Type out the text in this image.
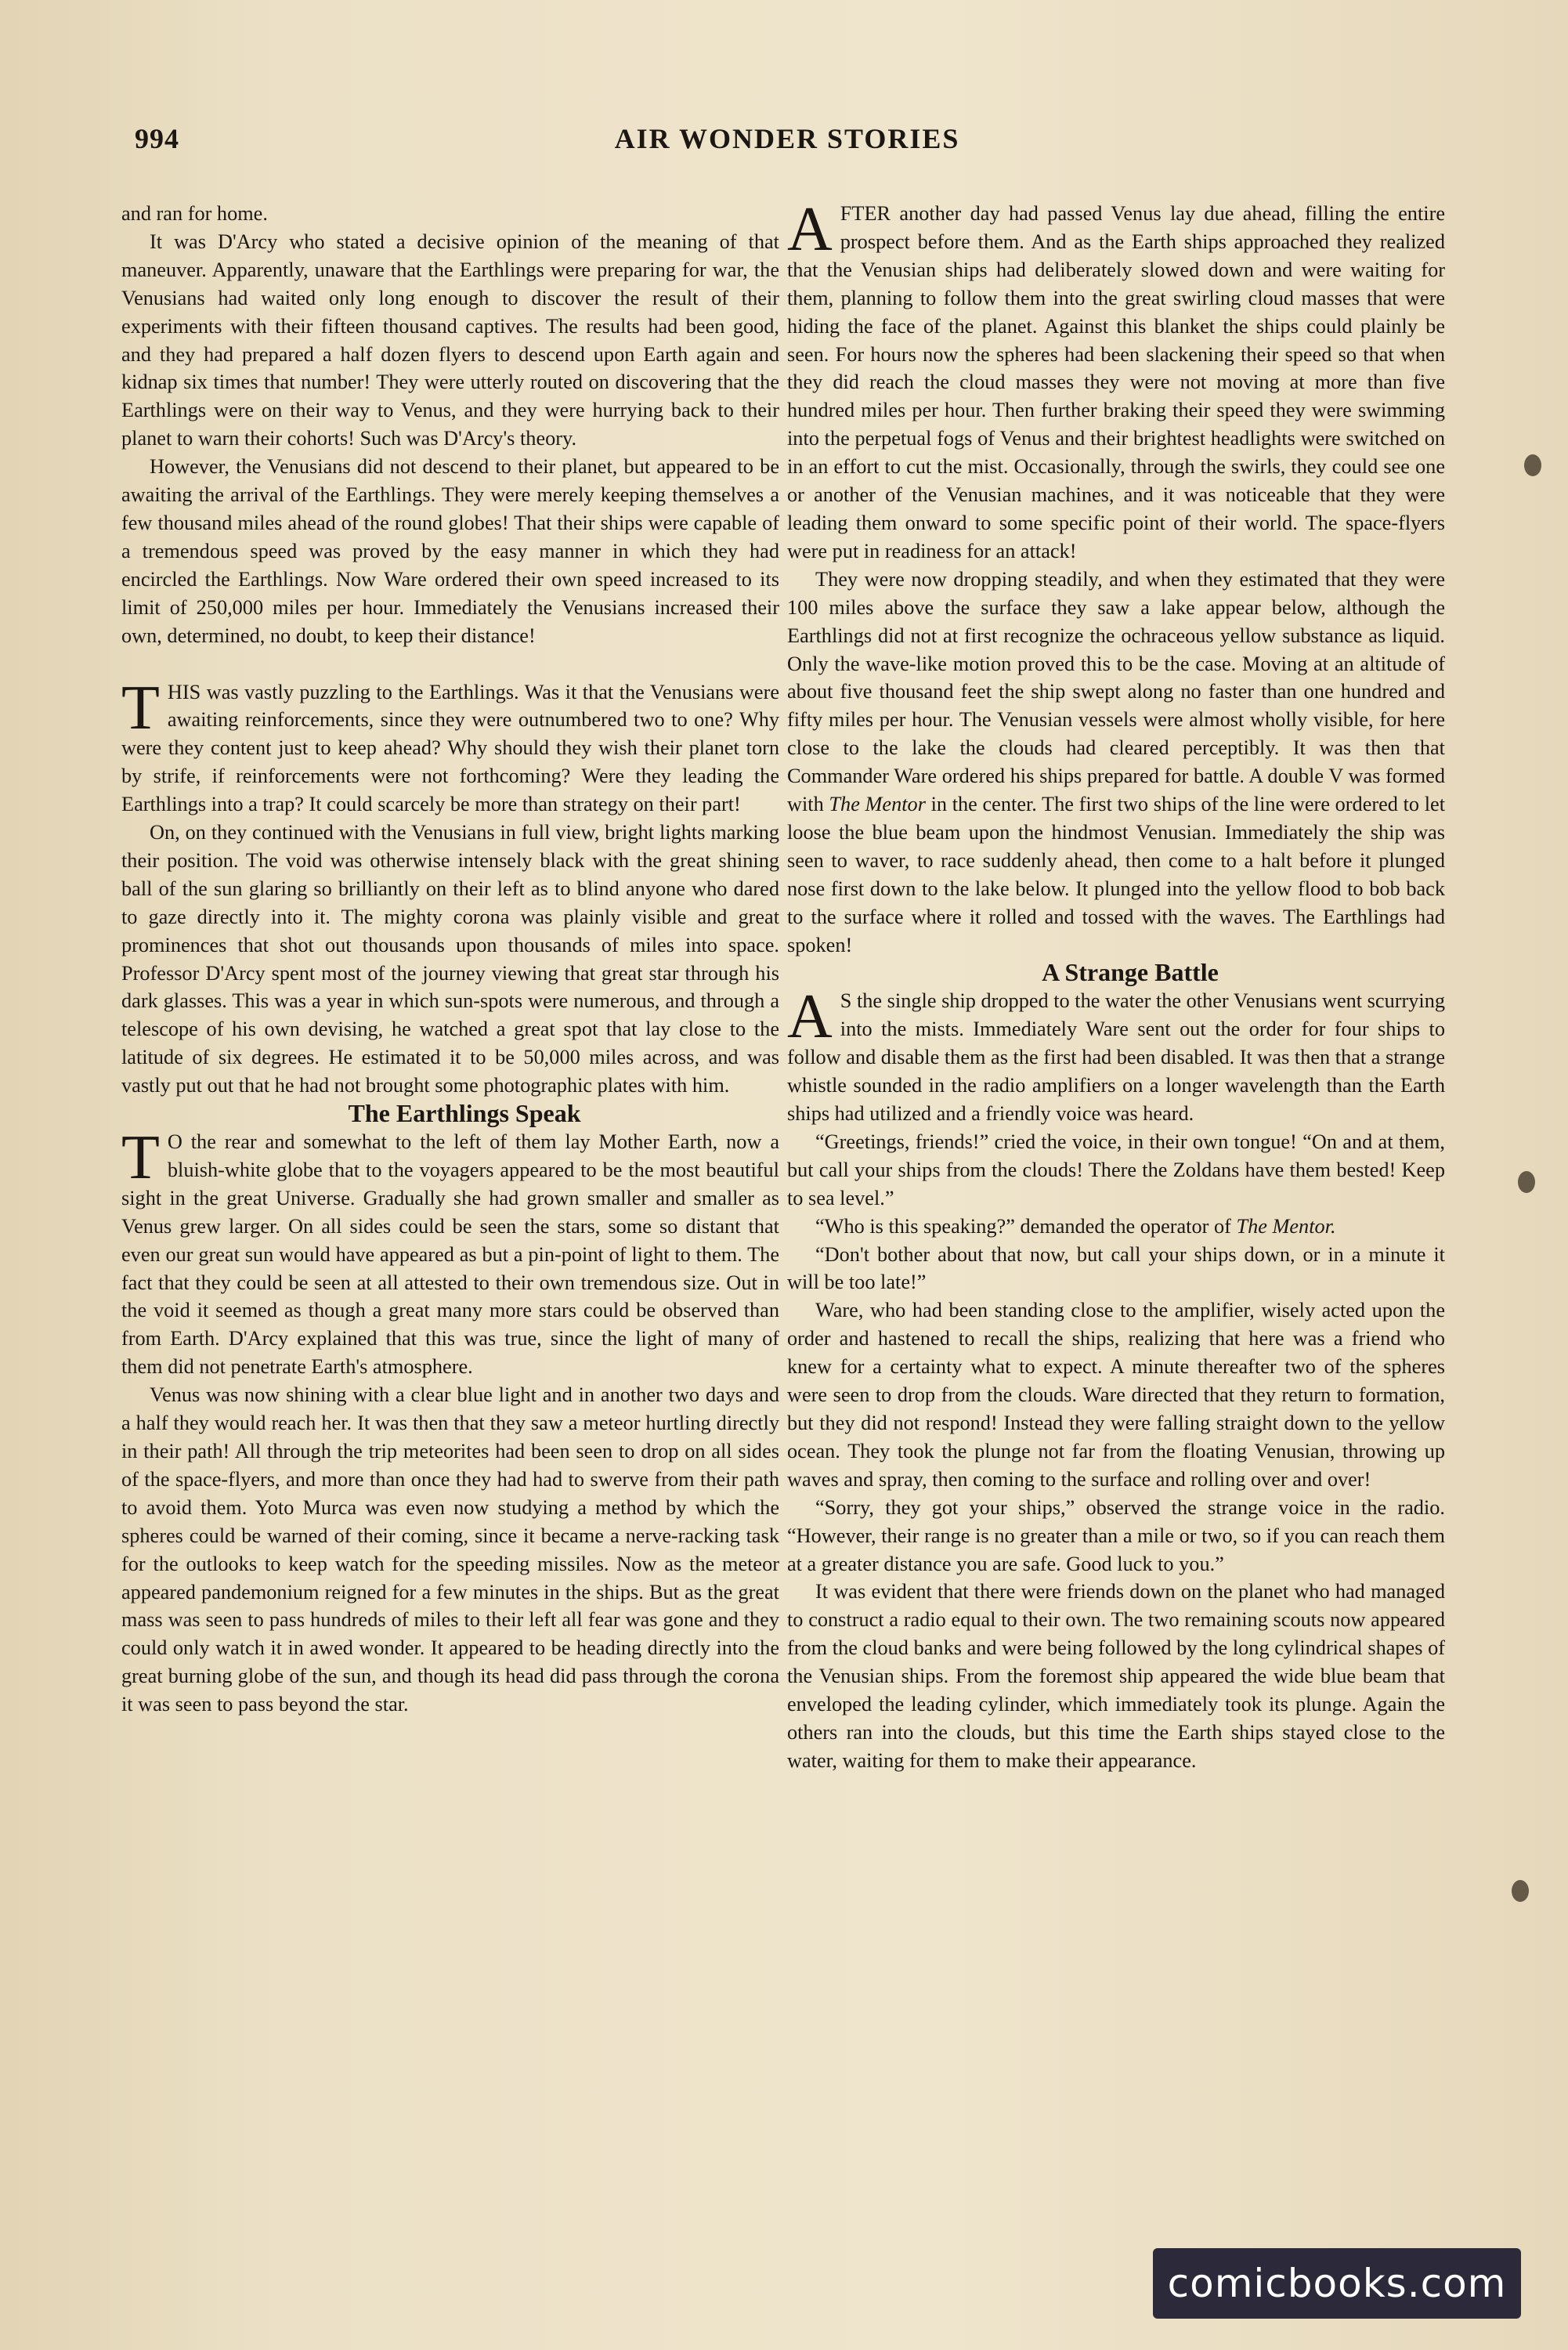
994	AIR WONDER STORIES

and ran for home.

It was D'Arcy who stated a decisive opinion of the meaning of that maneuver. Apparently, unaware that the Earthlings were preparing for war, the Venusians had waited only long enough to discover the result of their experiments with their fifteen thousand captives. The results had been good, and they had prepared a half dozen flyers to descend upon Earth again and kidnap six times that number! They were utterly routed on discovering that the Earthlings were on their way to Venus, and they were hurrying back to their planet to warn their cohorts! Such was D'Arcy's theory.

However, the Venusians did not descend to their planet, but appeared to be awaiting the arrival of the Earthlings. They were merely keeping themselves a few thousand miles ahead of the round globes! That their ships were capable of a tremendous speed was proved by the easy manner in which they had encircled the Earthlings. Now Ware ordered their own speed increased to its limit of 250,000 miles per hour. Immediately the Venusians increased their own, determined, no doubt, to keep their distance!

THIS was vastly puzzling to the Earthlings. Was it that the Venusians were awaiting reinforcements, since they were outnumbered two to one? Why were they content just to keep ahead? Why should they wish their planet torn by strife, if reinforcements were not forthcoming? Were they leading the Earthlings into a trap? It could scarcely be more than strategy on their part!

On, on they continued with the Venusians in full view, bright lights marking their position. The void was otherwise intensely black with the great shining ball of the sun glaring so brilliantly on their left as to blind anyone who dared to gaze directly into it. The mighty corona was plainly visible and great prominences that shot out thousands upon thousands of miles into space. Professor D'Arcy spent most of the journey viewing that great star through his dark glasses. This was a year in which sun-spots were numerous, and through a telescope of his own devising, he watched a great spot that lay close to the latitude of six degrees. He estimated it to be 50,000 miles across, and was vastly put out that he had not brought some photographic plates with him.

The Earthlings Speak

T O the rear and somewhat to the left of them lay Mother Earth, now a bluish-white globe that to the voyagers appeared to be the most beautiful sight in the great Universe. Gradually she had grown smaller and smaller as Venus grew larger. On all sides could be seen the stars, some so distant that even our great sun would have appeared as but a pin-point of light to them. The fact that they could be seen at all attested to their own tremendous size. Out in the void it seemed as though a great many more stars could be observed than from Earth. D'Arcy explained that this was true, since the light of many of them did not penetrate Earth's atmosphere.

Venus was now shining with a clear blue light and in another two days and a half they would reach her. It was then that they saw a meteor hurtling directly in their path! All through the trip meteorites had been seen to drop on all sides of the space-flyers, and more than once they had had to swerve from their path to avoid them. Yoto Murca was even now studying a method by which the spheres could be warned of their coming, since it became a nerve-racking task for the outlooks to keep watch for the speeding missiles. Now as the meteor appeared pandemonium reigned for a few minutes in the ships. But as the great mass was seen to pass hundreds of miles to their left all fear was gone and they could only watch it in awed wonder. It appeared to be heading directly into the great burning globe of the sun, and though its head did pass through the corona it was seen to pass beyond the star.

AFTER another day had passed Venus lay due ahead, filling the entire prospect before them. And as the Earth ships approached they realized that the Venusian ships had deliberately slowed down and were waiting for them, planning to follow them into the great swirling cloud masses that were hiding the face of the planet. Against this blanket the ships could plainly be seen. For hours now the spheres had been slackening their speed so that when they did reach the cloud masses they were not moving at more than five hundred miles per hour. Then further braking their speed they were swimming into the perpetual fogs of Venus and their brightest headlights were switched on in an effort to cut the mist. Occasionally, through the swirls, they could see one or another of the Venusian machines, and it was noticeable that they were leading them onward to some specific point of their world. The space-flyers were put in readiness for an attack!

They were now dropping steadily, and when they estimated that they were 100 miles above the surface they saw a lake appear below, although the Earthlings did not at first recognize the ochraceous yellow substance as liquid. Only the wave-like motion proved this to be the case. Moving at an altitude of about five thousand feet the ship swept along no faster than one hundred and fifty miles per hour. The Venusian vessels were almost wholly visible, for here close to the lake the clouds had cleared perceptibly. It was then that Commander Ware ordered his ships prepared for battle. A double V was formed with The Mentor in the center. The first two ships of the line were ordered to let loose the blue beam upon the hindmost Venusian. Immediately the ship was seen to waver, to race suddenly ahead, then come to a halt before it plunged nose first down to the lake below. It plunged into the yellow flood to bob back to the surface where it rolled and tossed with the waves. The Earthlings had spoken!

A Strange Battle

A S the single ship dropped to the water the other Venusians went scurrying into the mists. Immediately Ware sent out the order for four ships to follow and disable them as the first had been disabled. It was then that a strange whistle sounded in the radio amplifiers on a longer wavelength than the Earth ships had utilized and a friendly voice was heard.

“Greetings, friends!” cried the voice, in their own tongue! “On and at them, but call your ships from the clouds! There the Zoldans have them bested! Keep to sea level.”

“Who is this speaking?” demanded the operator of The Mentor.

“Don't bother about that now, but call your ships down, or in a minute it will be too late!”

Ware, who had been standing close to the amplifier, wisely acted upon the order and hastened to recall the ships, realizing that here was a friend who knew for a certainty what to expect. A minute thereafter two of the spheres were seen to drop from the clouds. Ware directed that they return to formation, but they did not respond! Instead they were falling straight down to the yellow ocean. They took the plunge not far from the floating Venusian, throwing up waves and spray, then coming to the surface and rolling over and over!

“Sorry, they got your ships,” observed the strange voice in the radio. “However, their range is no greater than a mile or two, so if you can reach them at a greater distance you are safe. Good luck to you.”

It was evident that there were friends down on the planet who had managed to construct a radio equal to their own. The two remaining scouts now appeared from the cloud banks and were being followed by the long cylindrical shapes of the Venusian ships. From the foremost ship appeared the wide blue beam that enveloped the leading cylinder, which immediately took its plunge. Again the others ran into the clouds, but this time the Earth ships stayed close to the water, waiting for them to make their appearance.

comicbooks.com
